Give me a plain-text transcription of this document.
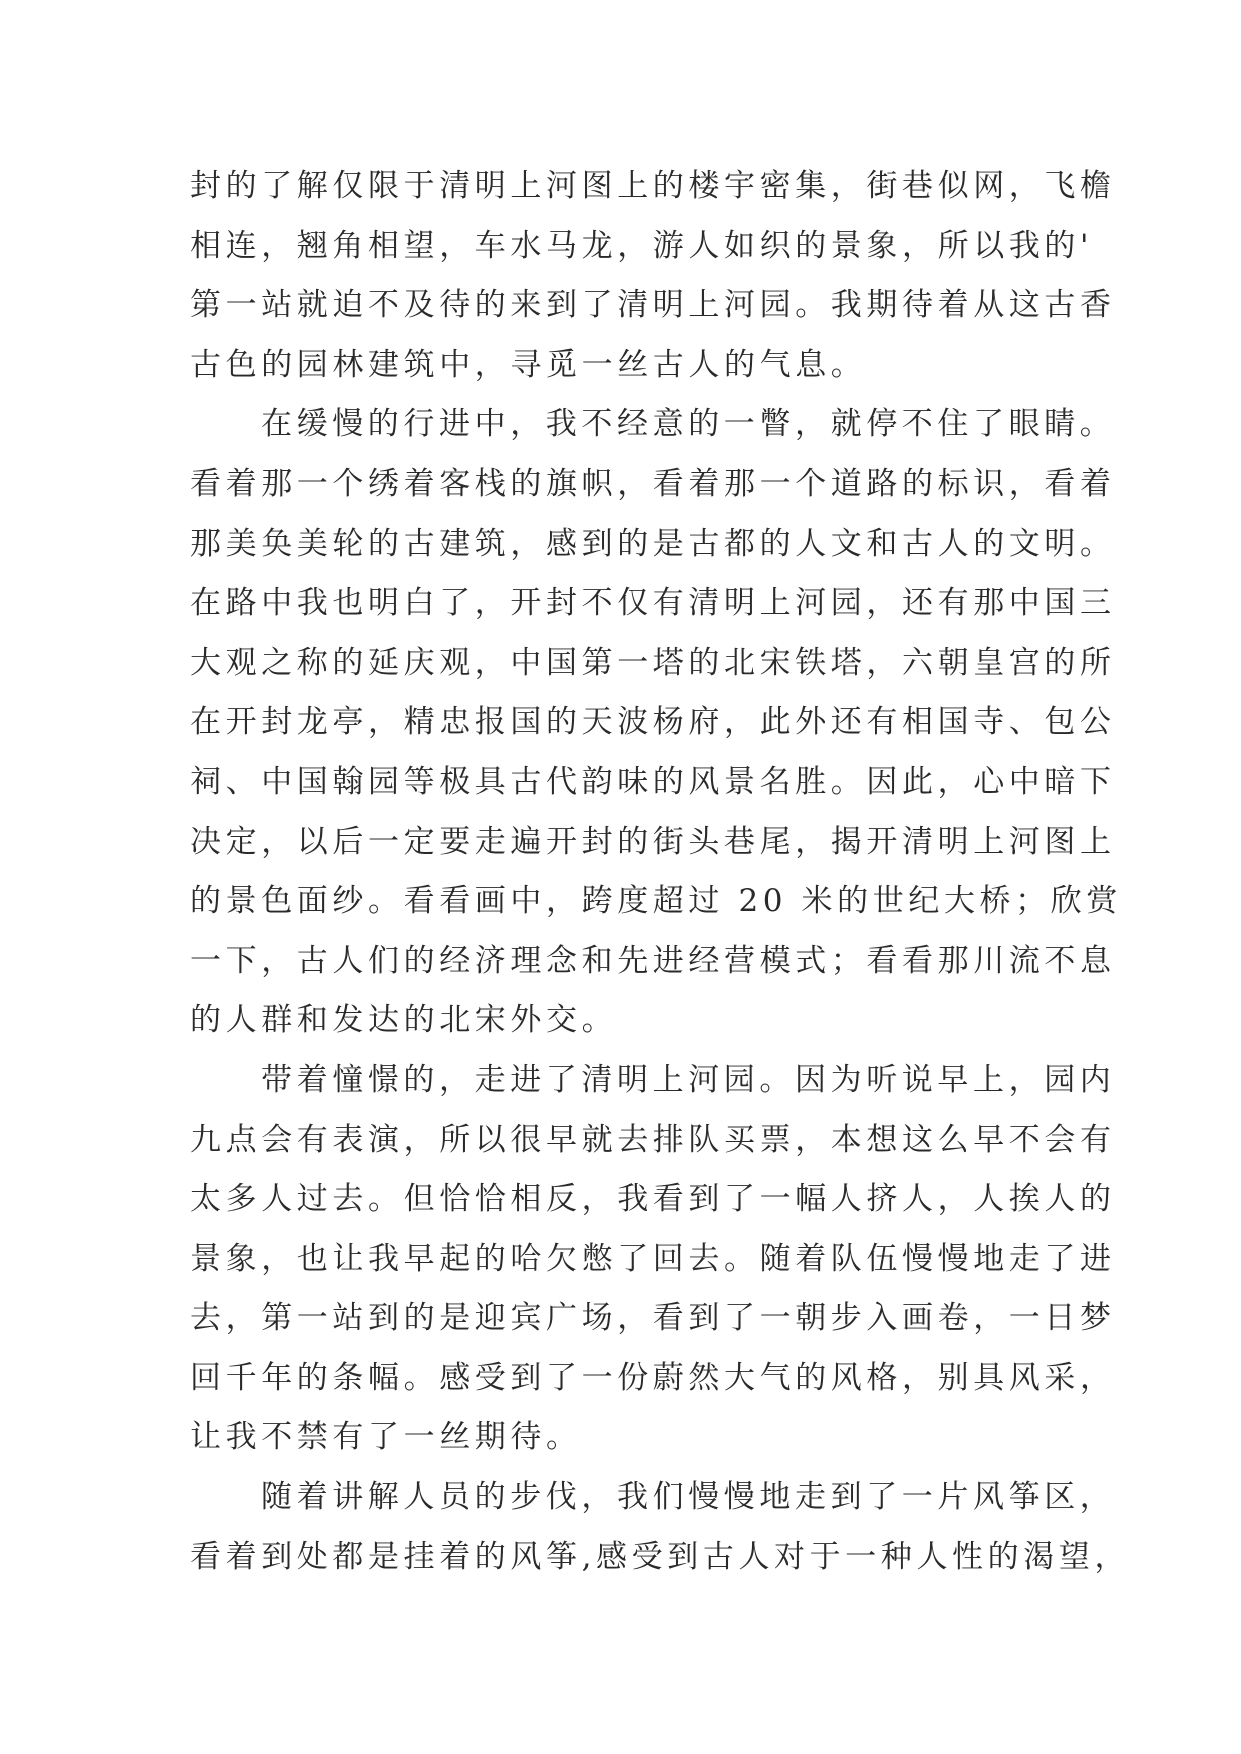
封的了解仅限于清明上河图上的楼宇密集，街巷似网，飞檐
相连，翘角相望，车水马龙，游人如织的景象，所以我的'
第一站就迫不及待的来到了清明上河园。我期待着从这古香
古色的园林建筑中，寻觅一丝古人的气息。
在缓慢的行进中，我不经意的一瞥，就停不住了眼睛。
看着那一个绣着客栈的旗帜，看着那一个道路的标识，看着
那美奂美轮的古建筑，感到的是古都的人文和古人的文明。
在路中我也明白了，开封不仅有清明上河园，还有那中国三
大观之称的延庆观，中国第一塔的北宋铁塔，六朝皇宫的所
在开封龙亭，精忠报国的天波杨府，此外还有相国寺、包公
祠、中国翰园等极具古代韵味的风景名胜。因此，心中暗下
决定，以后一定要走遍开封的街头巷尾，揭开清明上河图上
的景色面纱。看看画中，跨度超过 20 米的世纪大桥；欣赏
一下，古人们的经济理念和先进经营模式；看看那川流不息
的人群和发达的北宋外交。
带着憧憬的，走进了清明上河园。因为听说早上，园内
九点会有表演，所以很早就去排队买票，本想这么早不会有
太多人过去。但恰恰相反，我看到了一幅人挤人，人挨人的
景象，也让我早起的哈欠憋了回去。随着队伍慢慢地走了进
去，第一站到的是迎宾广场，看到了一朝步入画卷，一日梦
回千年的条幅。感受到了一份蔚然大气的风格，别具风采，
让我不禁有了一丝期待。
随着讲解人员的步伐，我们慢慢地走到了一片风筝区，
看着到处都是挂着的风筝,感受到古人对于一种人性的渴望，
